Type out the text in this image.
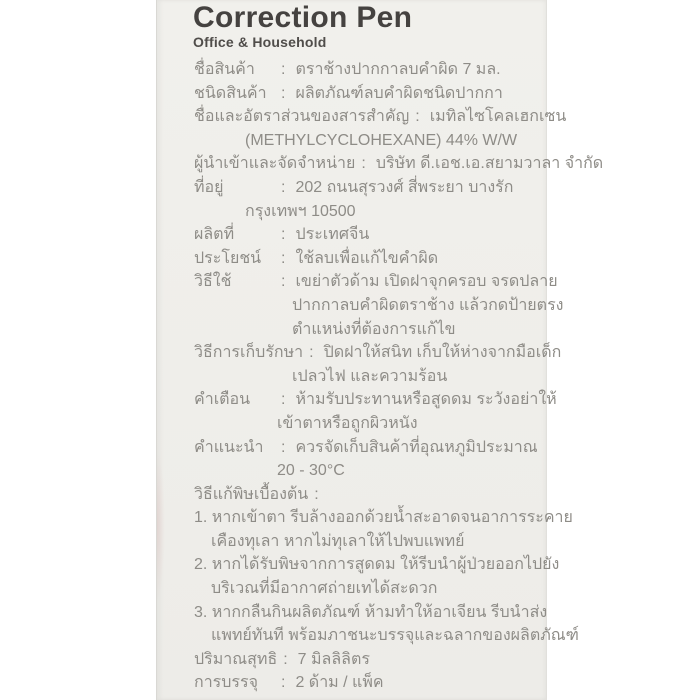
Correction Pen
Office & Household
ชื่อสินค้า	: ตราช้างปากกาลบคำผิด 7 มล.
ชนิดสินค้า : ผลิตภัณฑ์ลบคำผิดชนิดปากกา
ชื่อและอัตราส่วนของสารสำคัญ : เมทิลไซโคลเฮกเซน
(METHYLCYCLOHEXANE) 44% W/W
ผู้นำเข้าและจัดจำหน่าย : บริษัท ดี.เอช.เอ.สยามวาลา จำกัด
ที่อยู่	: 202 ถนนสุรวงศ์ สี่พระยา บางรัก
กรุงเทพฯ 10500
ผลิตที่	: ประเทศจีน
ประโยชน์	: ใช้ลบเพื่อแก้ไขคำผิด
วิธีใช้	: เขย่าตัวด้าม เปิดฝาจุกครอบ จรดปลาย
ปากกาลบคำผิดตราช้าง แล้วกดป้ายตรง
ตำแหน่งที่ต้องการแก้ไข
วิธีการเก็บรักษา : ปิดฝาให้สนิท เก็บให้ห่างจากมือเด็ก
เปลวไฟ และความร้อน
คำเตือน	: ห้ามรับประทานหรือสูดดม ระวังอย่าให้
เข้าตาหรือถูกผิวหนัง
คำแนะนำ	: ควรจัดเก็บสินค้าที่อุณหภูมิประมาณ
20 - 30°C
วิธีแก้พิษเบื้องต้น :
1. หากเข้าตา รีบล้างออกด้วยน้ำสะอาดจนอาการระคาย
เคืองทุเลา หากไม่ทุเลาให้ไปพบแพทย์
2. หากได้รับพิษจากการสูดดม ให้รีบนำผู้ป่วยออกไปยัง
บริเวณที่มีอากาศถ่ายเทได้สะดวก
3. หากกลืนกินผลิตภัณฑ์ ห้ามทำให้อาเจียน รีบนำส่ง
แพทย์ทันที พร้อมภาชนะบรรจุและฉลากของผลิตภัณฑ์
ปริมาณสุทธิ : 7 มิลลิลิตร
การบรรจุ	: 2 ด้าม / แพ็ค
